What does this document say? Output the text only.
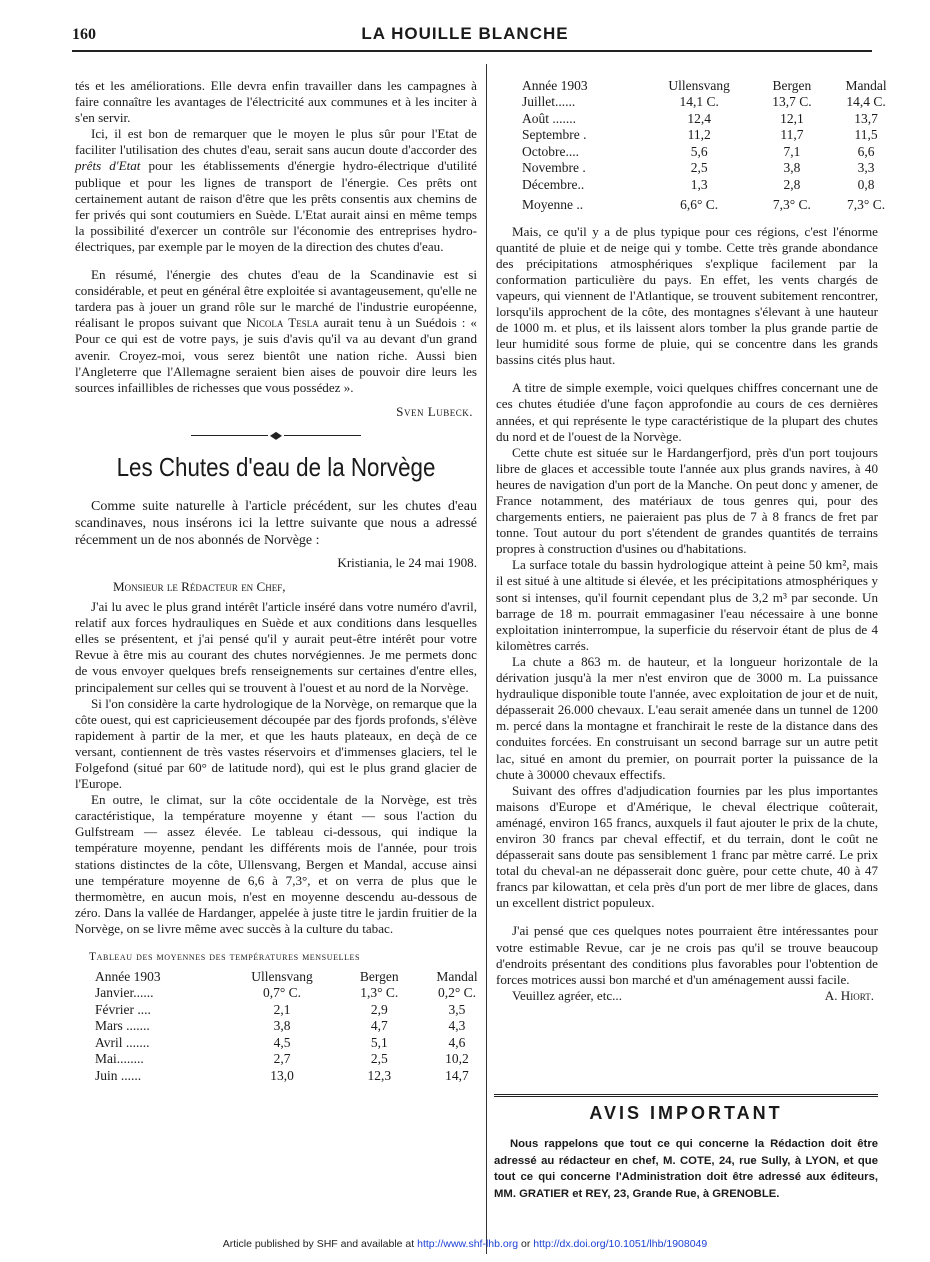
160	LA HOUILLE BLANCHE

tés et les améliorations. Elle devra enfin travailler dans les campagnes à faire connaître les avantages de l'électricité aux communes et à les inciter à s'en servir.

Ici, il est bon de remarquer que le moyen le plus sûr pour l'Etat de faciliter l'utilisation des chutes d'eau, serait sans aucun doute d'accorder des prêts d'Etat pour les établissements d'énergie hydro-électrique d'utilité publique et pour les lignes de transport de l'énergie. Ces prêts ont certainement autant de raison d'être que les prêts consentis aux chemins de fer privés qui sont coutumiers en Suède. L'Etat aurait ainsi en même temps la possibilité d'exercer un contrôle sur l'économie des entreprises hydro-électriques, par exemple par le moyen de la direction des chutes d'eau.

En résumé, l'énergie des chutes d'eau de la Scandinavie est si considérable, et peut en général être exploitée si avantageusement, qu'elle ne tardera pas à jouer un grand rôle sur le marché de l'industrie européenne, réalisant le propos suivant que Nicola Tesla aurait tenu à un Suédois : « Pour ce qui est de votre pays, je suis d'avis qu'il va au devant d'un grand avenir. Croyez-moi, vous serez bientôt une nation riche. Aussi bien l'Angleterre que l'Allemagne seraient bien aises de pouvoir dire leurs les sources infaillibles de richesses que vous possédez ».

Sven Lubeck.
Les Chutes d'eau de la Norvège

Comme suite naturelle à l'article précédent, sur les chutes d'eau scandinaves, nous insérons ici la lettre suivante que nous a adressé récemment un de nos abonnés de Norvège :

Kristiania, le 24 mai 1908.

Monsieur le Rédacteur en Chef,

J'ai lu avec le plus grand intérêt l'article inséré dans votre numéro d'avril, relatif aux forces hydrauliques en Suède et aux conditions dans lesquelles elles se présentent, et j'ai pensé qu'il y aurait peut-être intérêt pour votre Revue à être mis au courant des chutes norvégiennes. Je me permets donc de vous envoyer quelques brefs renseignements sur certaines d'entre elles, principalement sur celles qui se trouvent à l'ouest et au nord de la Norvège.

Si l'on considère la carte hydrologique de la Norvège, on remarque que la côte ouest, qui est capricieusement découpée par des fjords profonds, s'élève rapidement à partir de la mer, et que les hauts plateaux, en deçà de ce versant, contiennent de très vastes réservoirs et d'immenses glaciers, tel le Folgefond (situé par 60° de latitude nord), qui est le plus grand glacier de l'Europe.

En outre, le climat, sur la côte occidentale de la Norvège, est très caractéristique, la température moyenne y étant — sous l'action du Gulfstream — assez élevée. Le tableau ci-dessous, qui indique la température moyenne, pendant les différents mois de l'année, pour trois stations distinctes de la côte, Ullensvang, Bergen et Mandal, accuse ainsi une température moyenne de 6,6 à 7,3°, et on verra de plus que le thermomètre, en aucun mois, n'est en moyenne descendu au-dessous de zéro. Dans la vallée de Hardanger, appelée à juste titre le jardin fruitier de la Norvège, on se livre même avec succès à la culture du tabac.

Tableau des moyennes des températures mensuelles

Année 1903	Ullensvang	Bergen	Mandal
Janvier......	0,7° C.	1,3° C.	0,2° C.
Février ....	2,1	2,9	3,5
Mars .......	3,8	4,7	4,3
Avril .......	4,5	5,1	4,6
Mai........	2,7	2,5	10,2
Juin ......	13,0	12,3	14,7
Année 1903	Ullensvang	Bergen	Mandal
Juillet......	14,1 C.	13,7 C.	14,4 C.
Août .......	12,4	12,1	13,7
Septembre .	11,2	11,7	11,5
Octobre....	5,6	7,1	6,6
Novembre .	2,5	3,8	3,3
Décembre..	1,3	2,8	0,8
Moyenne ..	6,6° C.	7,3° C.	7,3° C.

Mais, ce qu'il y a de plus typique pour ces régions, c'est l'énorme quantité de pluie et de neige qui y tombe. Cette très grande abondance des précipitations atmosphériques s'explique facilement par la conformation particulière du pays. En effet, les vents chargés de vapeurs, qui viennent de l'Atlantique, se trouvent subitement rencontrer, lorsqu'ils approchent de la côte, des montagnes s'élevant à une hauteur de 1000 m. et plus, et ils laissent alors tomber la plus grande partie de leur humidité sous forme de pluie, qui se concentre dans les grands bassins cités plus haut.

A titre de simple exemple, voici quelques chiffres concernant une de ces chutes étudiée d'une façon approfondie au cours de ces dernières années, et qui représente le type caractéristique de la plupart des chutes du nord et de l'ouest de la Norvège.

Cette chute est située sur le Hardangerfjord, près d'un port toujours libre de glaces et accessible toute l'année aux plus grands navires, à 40 heures de navigation d'un port de la Manche. On peut donc y amener, de France notamment, des matériaux de tous genres qui, pour des chargements entiers, ne paieraient pas plus de 7 à 8 francs de fret par tonne. Tout autour du port s'étendent de grandes quantités de terrains propres à construction d'usines ou d'habitations.

La surface totale du bassin hydrologique atteint à peine 50 km², mais il est situé à une altitude si élevée, et les précipitations atmosphériques y sont si intenses, qu'il fournit cependant plus de 3,2 m³ par seconde. Un barrage de 18 m. pourrait emmagasiner l'eau nécessaire à une bonne exploitation ininterrompue, la superficie du réservoir étant de plus de 4 kilomètres carrés.

La chute a 863 m. de hauteur, et la longueur horizontale de la dérivation jusqu'à la mer n'est environ que de 3000 m. La puissance hydraulique disponible toute l'année, avec exploitation de jour et de nuit, dépasserait 26.000 chevaux. L'eau serait amenée dans un tunnel de 1200 m. percé dans la montagne et franchirait le reste de la distance dans des conduites forcées. En construisant un second barrage sur un autre petit lac, situé en amont du premier, on pourrait porter la puissance de la chute à 30000 chevaux effectifs.

Suivant des offres d'adjudication fournies par les plus importantes maisons d'Europe et d'Amérique, le cheval électrique coûterait, aménagé, environ 165 francs, auxquels il faut ajouter le prix de la chute, environ 30 francs par cheval effectif, et du terrain, dont le coût ne dépasserait sans doute pas sensiblement 1 franc par mètre carré. Le prix total du cheval-an ne dépasserait donc guère, pour cette chute, 40 à 47 francs par kilowattan, et cela près d'un port de mer libre de glaces, dans un excellent district populeux.

J'ai pensé que ces quelques notes pourraient être intéressantes pour votre estimable Revue, car je ne crois pas qu'il se trouve beaucoup d'endroits présentant des conditions plus favorables pour l'obtention de forces motrices aussi bon marché et d'un aménagement aussi facile.

Veuillez agréer, etc...	A. Hiort.
AVIS IMPORTANT
Nous rappelons que tout ce qui concerne la Rédaction doit être adressé au rédacteur en chef, M. COTE, 24, rue Sully, à LYON, et que tout ce qui concerne l'Administration doit être adressé aux éditeurs, MM. GRATIER et REY, 23, Grande Rue, à GRENOBLE.
Article published by SHF and available at http://www.shf-lhb.org or http://dx.doi.org/10.1051/lhb/1908049
